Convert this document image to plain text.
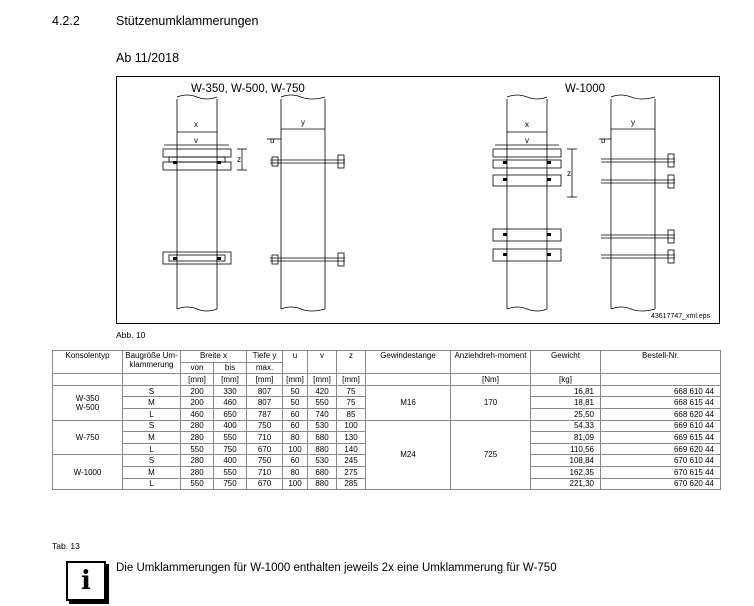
4.2.2	Stützenumklammerungen
Ab 11/2018
W-350, W-500, W-750	W-1000
x
v
y
u
z
x
v
y
u
z
43617747_xml.eps
Abb. 10
Konsolentyp	Baugröße Um-klammerung	Breite x		Tiefe y	u	v	z	Gewindestange	Anziehdreh-moment	Gewicht	Bestell-Nr.
		von	bis	max.							
		[mm]	[mm]	[mm]	[mm]	[mm]	[mm]		[Nm]	[kg]	
W-350
W-500	S	200	330	807	50	420	75	M16	170	16,81	668 610 44
	M	200	460	807	50	550	75			18,81	668 615 44
	L	460	650	787	60	740	85			25,50	668 620 44
W-750	S	280	400	750	60	530	100	M24	725	54,33	669 610 44
	M	280	550	710	80	680	130			81,09	669 615 44
	L	550	750	670	100	880	140			110,56	669 620 44
W-1000	S	280	400	750	60	530	245			108,84	670 610 44
	M	280	550	710	80	680	275			162,35	670 615 44
	L	550	750	670	100	880	285			221,30	670 620 44
Tab. 13
i Die Umklammerungen für W-1000 enthalten jeweils 2x eine Umklammerung für W-750
